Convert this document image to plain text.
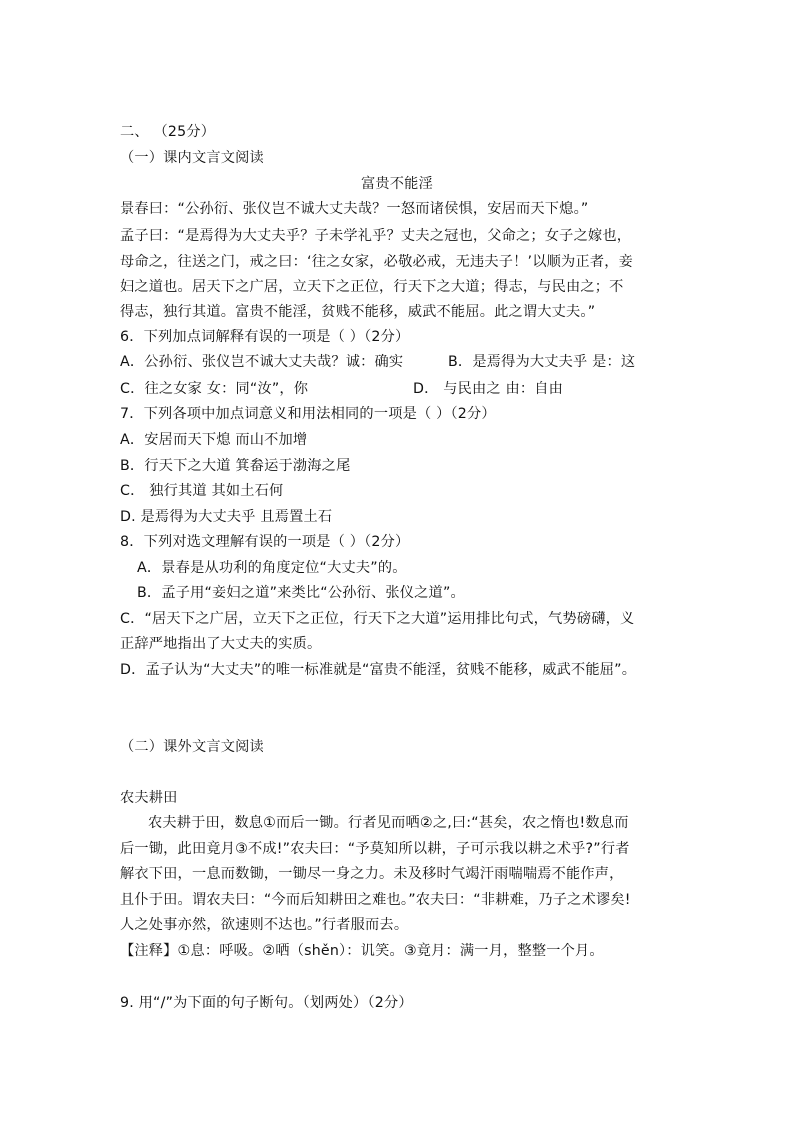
二、 （25分）
（一）课内文言文阅读
富贵不能淫
景春曰：“公孙衍、张仪岂不诚大丈夫哉？一怒而诸侯惧，安居而天下熄。”
孟子曰：“是焉得为大丈夫乎？子未学礼乎？丈夫之冠也，父命之；女子之嫁也，
母命之，往送之门，戒之曰：‘往之女家，必敬必戒，无违夫子！’以顺为正者，妾
妇之道也。居天下之广居，立天下之正位，行天下之大道；得志，与民由之；不
得志，独行其道。富贵不能淫，贫贱不能移，威武不能屈。此之谓大丈夫。”
6．下列加点词解释有误的一项是（ ）（2分）
A．公孙衍、张仪岂不诚大丈夫哉？诚：确实	B．是焉得为大丈夫乎 是：这
C．往之女家 女：同“汝”，你	D． 与民由之 由：自由
7．下列各项中加点词意义和用法相同的一项是（ ）（2分）
A．安居而天下熄 而山不加增
B．行天下之大道 箕畚运于渤海之尾
C． 独行其道 其如土石何
D. 是焉得为大丈夫乎 且焉置土石
8．下列对选文理解有误的一项是（ ）（2分）
A．景春是从功利的角度定位“大丈夫”的。
B．孟子用“妾妇之道”来类比“公孙衍、张仪之道”。
C．“居天下之广居，立天下之正位，行天下之大道”运用排比句式，气势磅礴，义
正辞严地指出了大丈夫的实质。
D．孟子认为“大丈夫”的唯一标准就是“富贵不能淫，贫贱不能移，威武不能屈”。
（二）课外文言文阅读
农夫耕田
农夫耕于田，数息①而后一锄。行者见而哂②之,曰:“甚矣，农之惰也!数息而
后一锄，此田竟月③不成!”农夫曰：“予莫知所以耕，子可示我以耕之术乎?”行者
解衣下田，一息而数锄，一锄尽一身之力。未及移时气竭汗雨喘喘焉不能作声，
且仆于田。谓农夫曰：“今而后知耕田之难也。”农夫曰：“非耕难，乃子之术谬矣!
人之处事亦然，欲速则不达也。”行者服而去。
【注释】①息：呼吸。②哂（shěn）：讥笑。③竟月：满一月，整整一个月。
9. 用“/”为下面的句子断句。（划两处）（2分）
